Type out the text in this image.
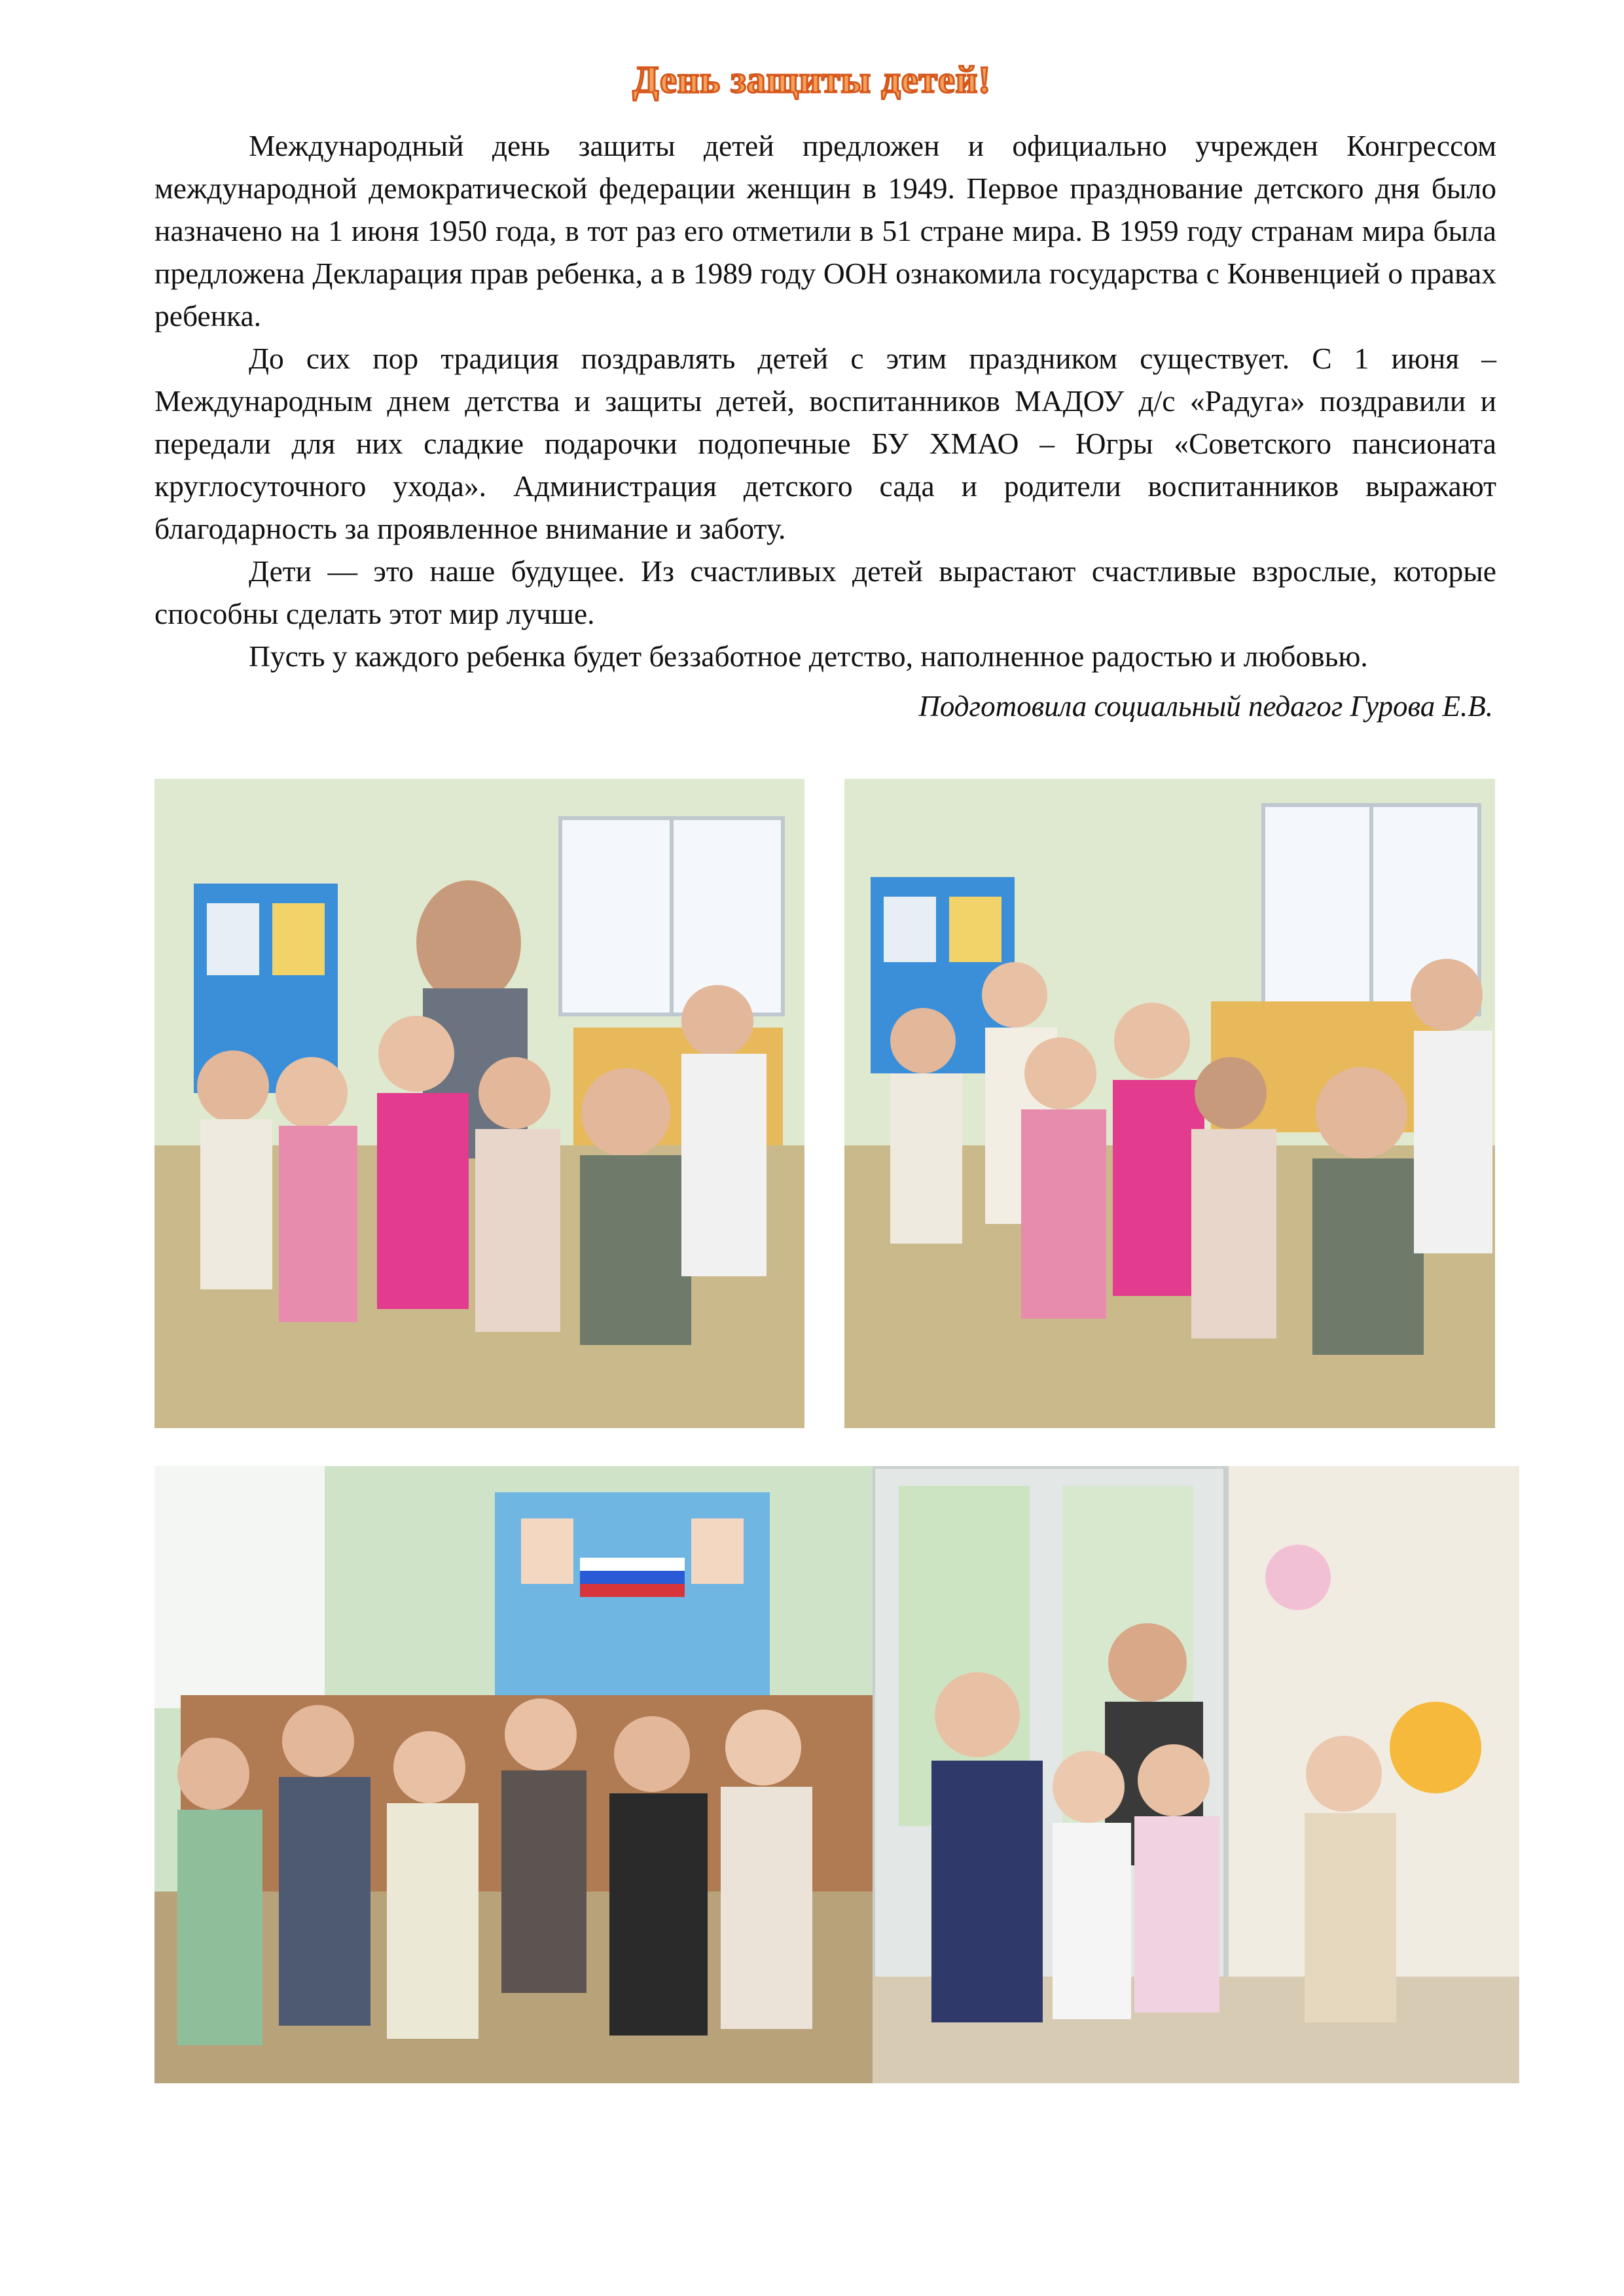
День защиты детей!

Международный день защиты детей предложен и официально учрежден Конгрессом международной демократической федерации женщин в 1949. Первое празднование детского дня было назначено на 1 июня 1950 года, в тот раз его отметили в 51 стране мира. В 1959 году странам мира была предложена Декларация прав ребенка, а в 1989 году ООН ознакомила государства с Конвенцией о правах ребенка.

До сих пор традиция поздравлять детей с этим праздником существует. С 1 июня – Международным днем детства и защиты детей, воспитанников МАДОУ д/с «Радуга» поздравили и передали для них сладкие подарочки подопечные БУ ХМАО – Югры «Советского пансионата круглосуточного ухода». Администрация детского сада и родители воспитанников выражают благодарность за проявленное внимание и заботу.

Дети — это наше будущее. Из счастливых детей вырастают счастливые взрослые, которые способны сделать этот мир лучше.

Пусть у каждого ребенка будет беззаботное детство, наполненное радостью и любовью.

Подготовила социальный педагог Гурова Е.В.
